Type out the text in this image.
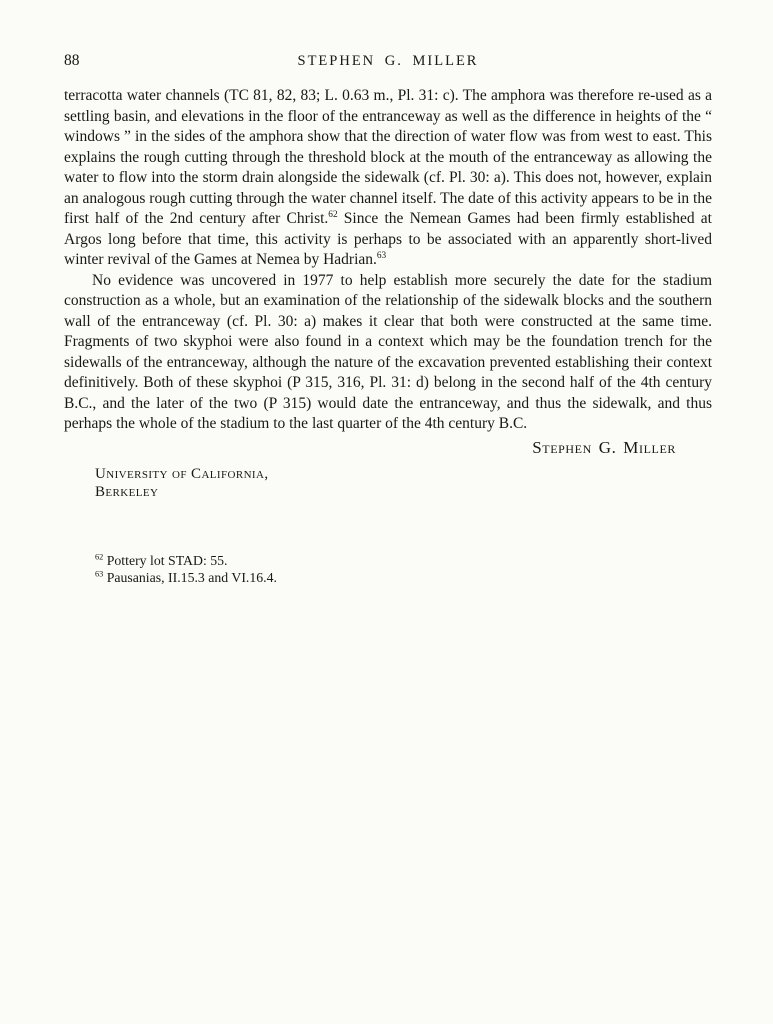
88	STEPHEN G. MILLER

terracotta water channels (TC 81, 82, 83; L. 0.63 m., Pl. 31: c). The amphora was therefore re-used as a settling basin, and elevations in the floor of the entranceway as well as the difference in heights of the “ windows ” in the sides of the amphora show that the direction of water flow was from west to east. This explains the rough cutting through the threshold block at the mouth of the entranceway as allowing the water to flow into the storm drain alongside the sidewalk (cf. Pl. 30: a). This does not, however, explain an analogous rough cutting through the water channel itself. The date of this activity appears to be in the first half of the 2nd century after Christ.$^{62}$ Since the Nemean Games had been firmly established at Argos long before that time, this activity is perhaps to be associated with an apparently short-lived winter revival of the Games at Nemea by Hadrian.$^{63}$

No evidence was uncovered in 1977 to help establish more securely the date for the stadium construction as a whole, but an examination of the relationship of the sidewalk blocks and the southern wall of the entranceway (cf. Pl. 30: a) makes it clear that both were constructed at the same time. Fragments of two skyphoi were also found in a context which may be the foundation trench for the sidewalls of the entranceway, although the nature of the excavation prevented establishing their context definitively. Both of these skyphoi (P 315, 316, Pl. 31: d) belong in the second half of the 4th century B.C., and the later of the two (P 315) would date the entranceway, and thus the sidewalk, and thus perhaps the whole of the stadium to the last quarter of the 4th century B.C.

Stephen G. Miller
University of California,
Berkeley
$^{62}$ Pottery lot STAD: 55.
$^{63}$ Pausanias, II.15.3 and VI.16.4.
